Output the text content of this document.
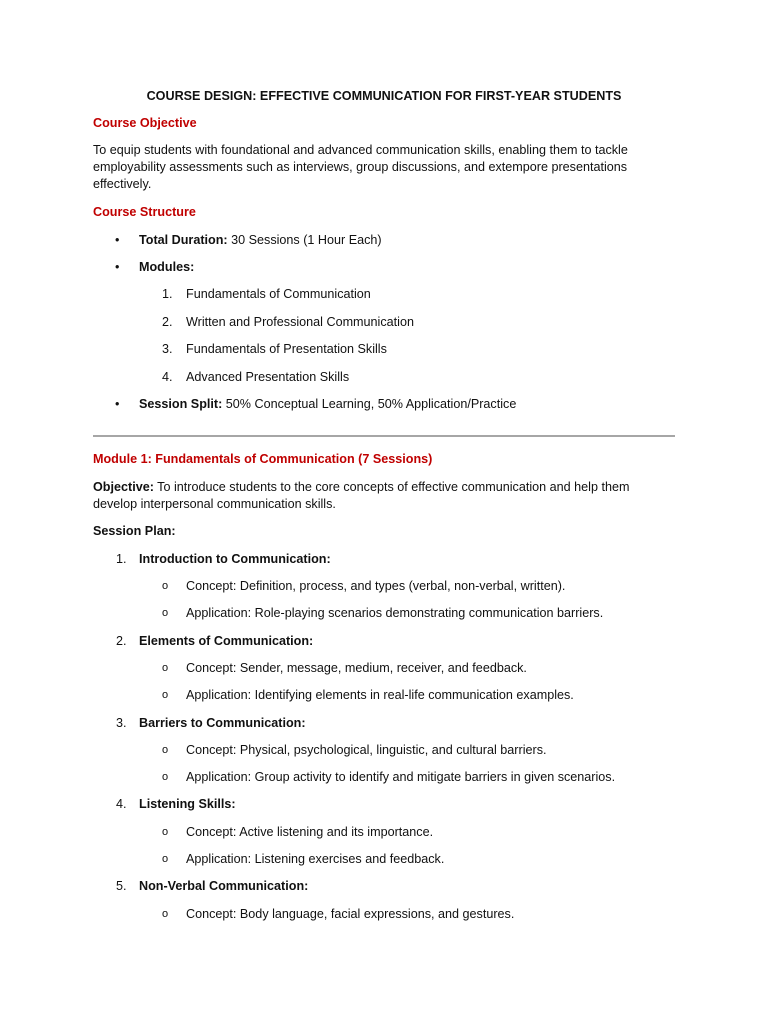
COURSE DESIGN: EFFECTIVE COMMUNICATION FOR FIRST-YEAR STUDENTS
Course Objective
To equip students with foundational and advanced communication skills, enabling them to tackle employability assessments such as interviews, group discussions, and extempore presentations effectively.
Course Structure
• Total Duration: 30 Sessions (1 Hour Each)
• Modules:
1. Fundamentals of Communication
2. Written and Professional Communication
3. Fundamentals of Presentation Skills
4. Advanced Presentation Skills
• Session Split: 50% Conceptual Learning, 50% Application/Practice
Module 1: Fundamentals of Communication (7 Sessions)
Objective: To introduce students to the core concepts of effective communication and help them develop interpersonal communication skills.
Session Plan:
1. Introduction to Communication:
o Concept: Definition, process, and types (verbal, non-verbal, written).
o Application: Role-playing scenarios demonstrating communication barriers.
2. Elements of Communication:
o Concept: Sender, message, medium, receiver, and feedback.
o Application: Identifying elements in real-life communication examples.
3. Barriers to Communication:
o Concept: Physical, psychological, linguistic, and cultural barriers.
o Application: Group activity to identify and mitigate barriers in given scenarios.
4. Listening Skills:
o Concept: Active listening and its importance.
o Application: Listening exercises and feedback.
5. Non-Verbal Communication:
o Concept: Body language, facial expressions, and gestures.
